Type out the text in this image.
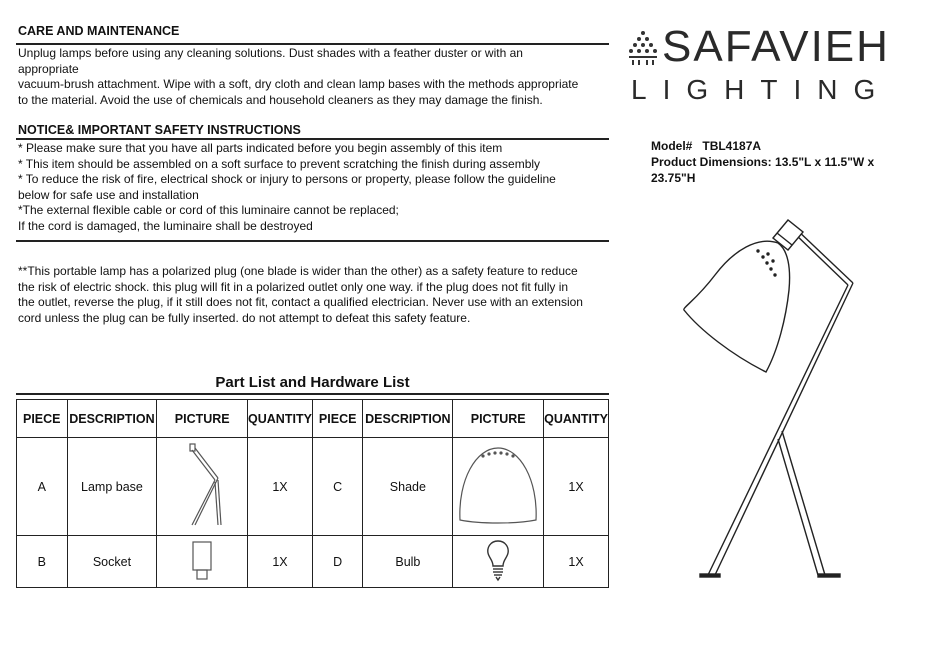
CARE AND MAINTENANCE
Unplug lamps before using any cleaning solutions. Dust shades with a feather duster or with an
appropriate
vacuum-brush attachment. Wipe with a soft, dry cloth and clean lamp bases with the methods appropriate
to the material. Avoid the use of chemicals and household cleaners as they may damage the finish.
NOTICE& IMPORTANT SAFETY INSTRUCTIONS
* Please make sure that you have all parts indicated before you begin assembly of this item
* This item should be assembled on a soft surface to prevent scratching the finish during assembly
* To reduce the risk of fire, electrical shock or injury to persons or property, please follow the guideline
below for safe use and installation
*The external flexible cable or cord of this luminaire cannot be replaced;
If the cord is damaged, the luminaire shall be destroyed
**This portable lamp has a polarized plug (one blade is wider than the other) as a safety feature to reduce
the risk of electric shock. this plug will fit in a polarized outlet only one way. if the plug does not fit fully in
the outlet, reverse the plug, if it still does not fit, contact a qualified electrician. Never use with an extension
cord unless the plug can be fully inserted. do not attempt to defeat this safety feature.
Part List and Hardware List
PIECE	DESCRIPTION	PICTURE	QUANTITY	PIECE	DESCRIPTION	PICTURE	QUANTITY
A	Lamp base		1X	C	Shade		1X
B	Socket		1X	D	Bulb		1X
SAFAVIEH
LIGHTING
Model# TBL4187A
Product Dimensions: 13.5"L x 11.5"W x
23.75"H
